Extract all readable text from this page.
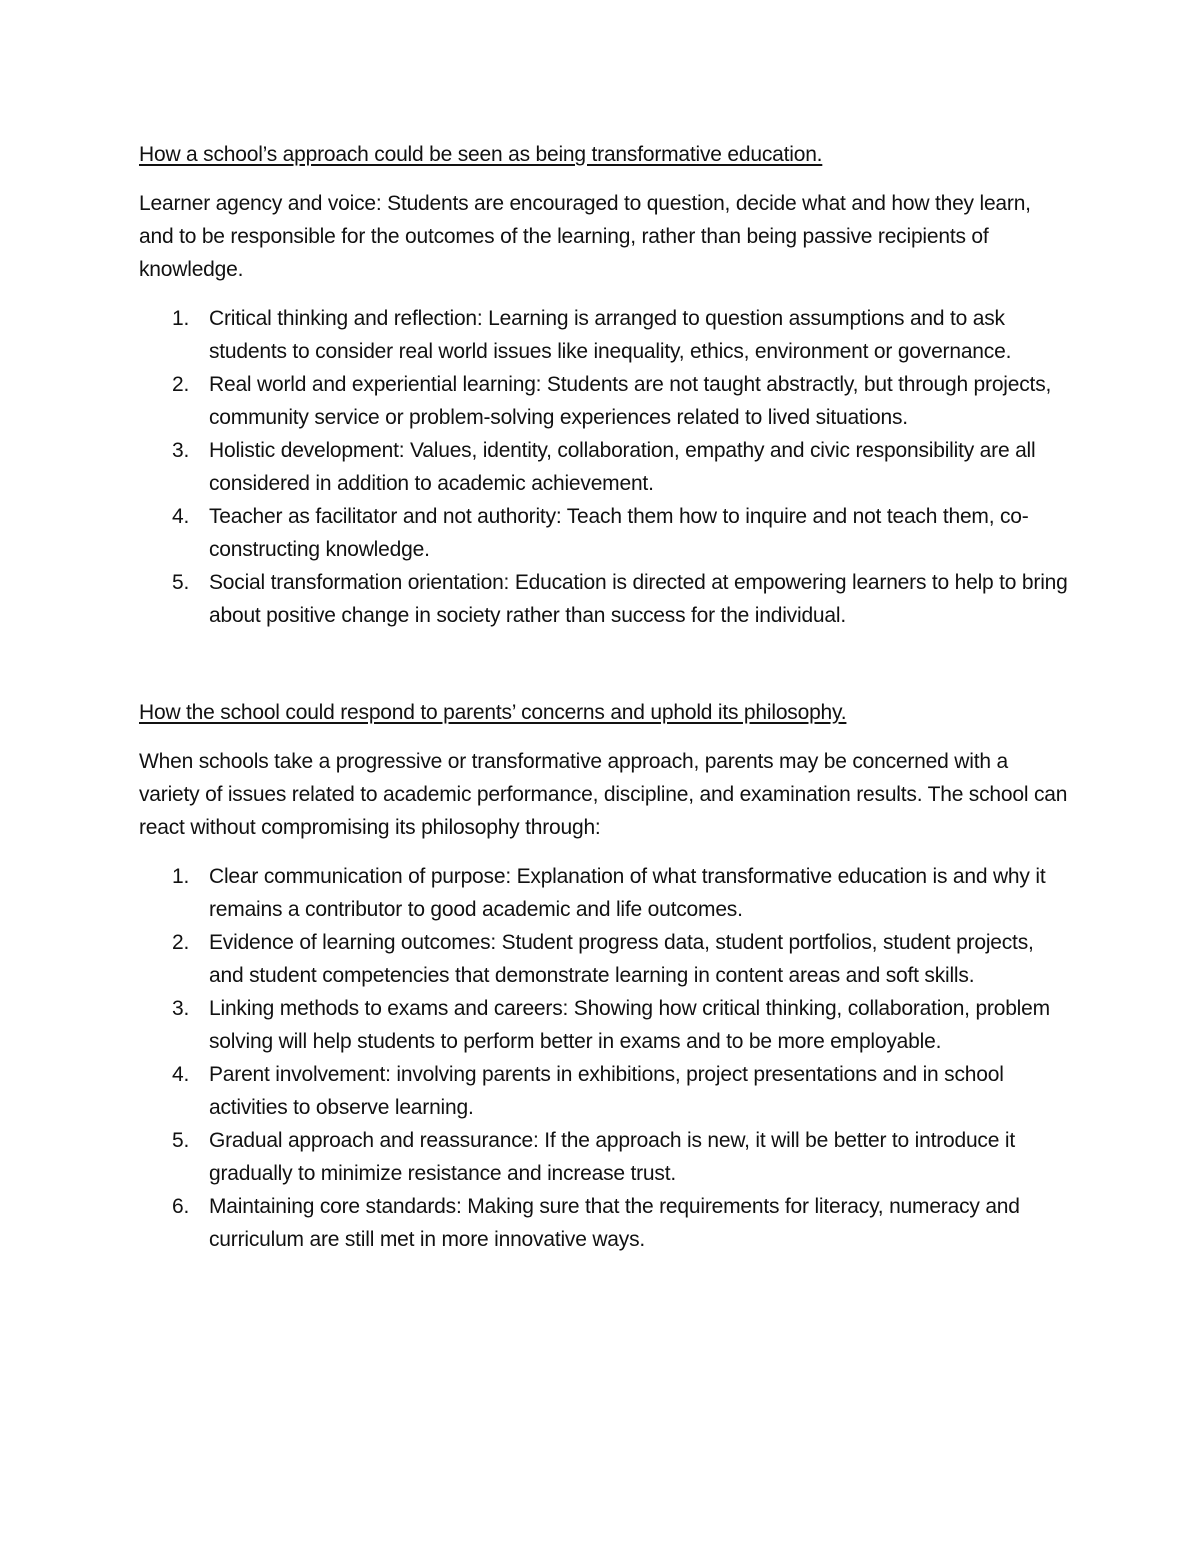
How a school’s approach could be seen as being transformative education.

Learner agency and voice: Students are encouraged to question, decide what and how they learn, and to be responsible for the outcomes of the learning, rather than being passive recipients of knowledge.

1. Critical thinking and reflection: Learning is arranged to question assumptions and to ask students to consider real world issues like inequality, ethics, environment or governance.
2. Real world and experiential learning: Students are not taught abstractly, but through projects, community service or problem-solving experiences related to lived situations.
3. Holistic development: Values, identity, collaboration, empathy and civic responsibility are all considered in addition to academic achievement.
4. Teacher as facilitator and not authority: Teach them how to inquire and not teach them, co-constructing knowledge.
5. Social transformation orientation: Education is directed at empowering learners to help to bring about positive change in society rather than success for the individual.
How the school could respond to parents’ concerns and uphold its philosophy.

When schools take a progressive or transformative approach, parents may be concerned with a variety of issues related to academic performance, discipline, and examination results. The school can react without compromising its philosophy through:

1. Clear communication of purpose: Explanation of what transformative education is and why it remains a contributor to good academic and life outcomes.
2. Evidence of learning outcomes: Student progress data, student portfolios, student projects, and student competencies that demonstrate learning in content areas and soft skills.
3. Linking methods to exams and careers: Showing how critical thinking, collaboration, problem solving will help students to perform better in exams and to be more employable.
4. Parent involvement: involving parents in exhibitions, project presentations and in school activities to observe learning.
5. Gradual approach and reassurance: If the approach is new, it will be better to introduce it gradually to minimize resistance and increase trust.
6. Maintaining core standards: Making sure that the requirements for literacy, numeracy and curriculum are still met in more innovative ways.
